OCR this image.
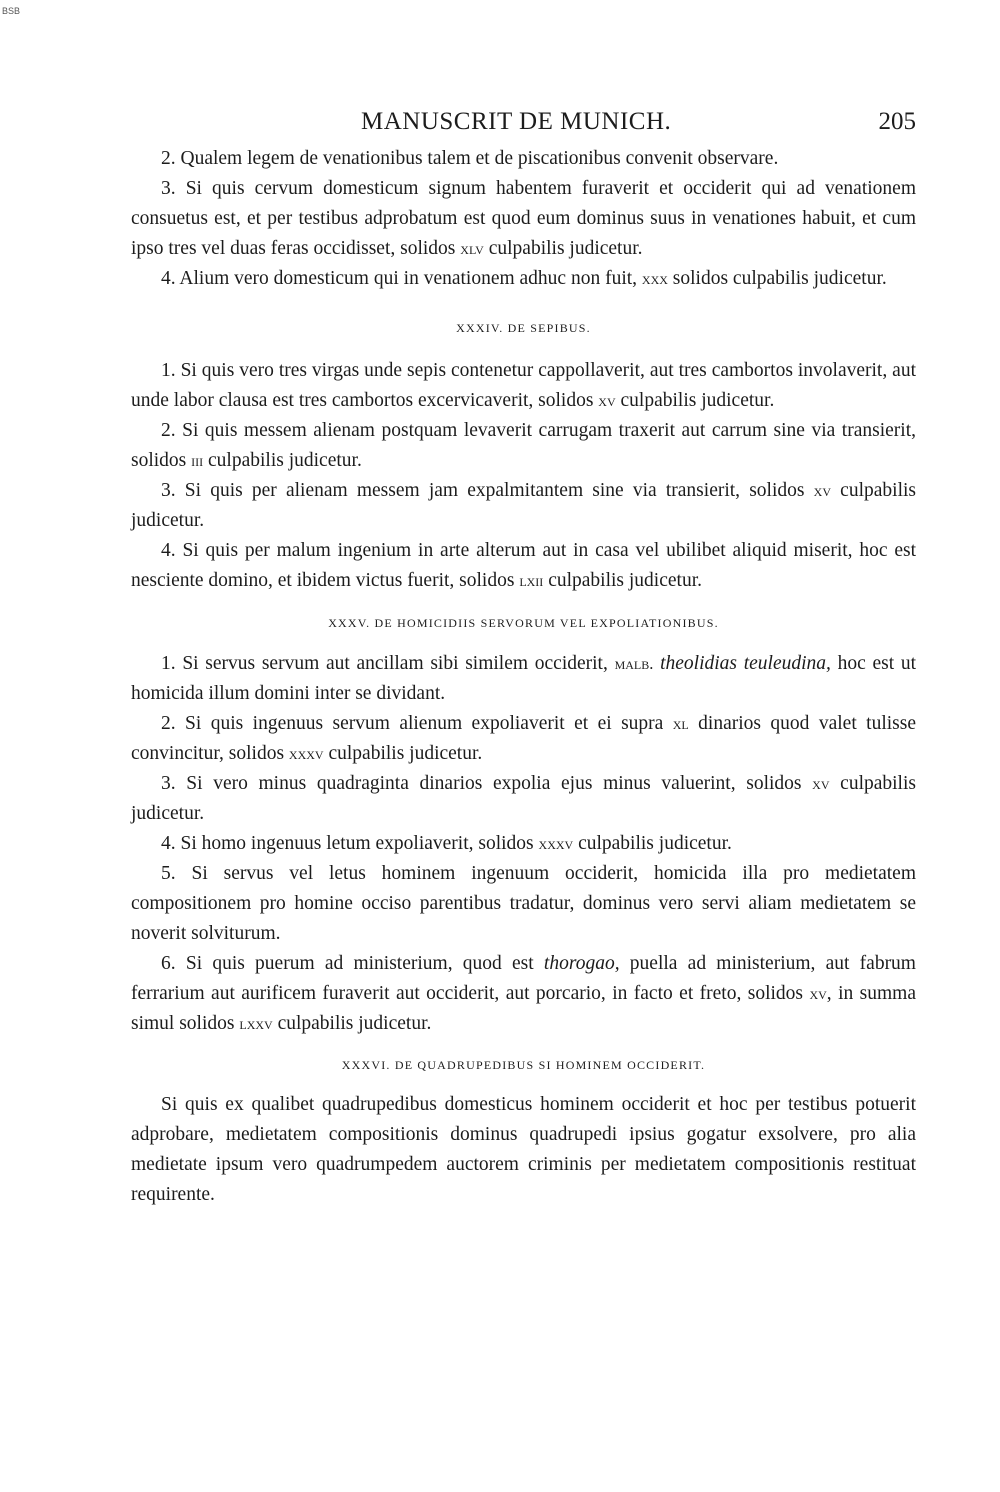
BSB
MANUSCRIT DE MUNICH.	205

2. Qualem legem de venationibus talem et de piscationibus convenit observare.

3. Si quis cervum domesticum signum habentem furaverit et occiderit qui ad venationem consuetus est, et per testibus adprobatum est quod eum dominus suus in venationes habuit, et cum ipso tres vel duas feras occidisset, solidos xlv culpabilis judicetur.

4. Alium vero domesticum qui in venationem adhuc non fuit, xxx solidos culpabilis judicetur.

XXXIV. DE SEPIBUS.

1. Si quis vero tres virgas unde sepis contenetur cappollaverit, aut tres cambortos involaverit, aut unde labor clausa est tres cambortos excervicaverit, solidos xv culpabilis judicetur.

2. Si quis messem alienam postquam levaverit carrugam traxerit aut carrum sine via transierit, solidos iii culpabilis judicetur.

3. Si quis per alienam messem jam expalmitantem sine via transierit, solidos xv culpabilis judicetur.

4. Si quis per malum ingenium in arte alterum aut in casa vel ubilibet aliquid miserit, hoc est nesciente domino, et ibidem victus fuerit, solidos lxii culpabilis judicetur.

XXXV. DE HOMICIDIIS SERVORUM VEL EXPOLIATIONIBUS.

1. Si servus servum aut ancillam sibi similem occiderit, malb. theolidias teuleudina, hoc est ut homicida illum domini inter se dividant.

2. Si quis ingenuus servum alienum expoliaverit et ei supra xl dinarios quod valet tulisse convincitur, solidos xxxv culpabilis judicetur.

3. Si vero minus quadraginta dinarios expolia ejus minus valuerint, solidos xv culpabilis judicetur.

4. Si homo ingenuus letum expoliaverit, solidos xxxv culpabilis judicetur.

5. Si servus vel letus hominem ingenuum occiderit, homicida illa pro medietatem compositionem pro homine occiso parentibus tradatur, dominus vero servi aliam medietatem se noverit solviturum.

6. Si quis puerum ad ministerium, quod est thorogao, puella ad ministerium, aut fabrum ferrarium aut aurificem furaverit aut occiderit, aut porcario, in facto et freto, solidos xv, in summa simul solidos lxxv culpabilis judicetur.

XXXVI. DE QUADRUPEDIBUS SI HOMINEM OCCIDERIT.

Si quis ex qualibet quadrupedibus domesticus hominem occiderit et hoc per testibus potuerit adprobare, medietatem compositionis dominus quadrupedi ipsius gogatur exsolvere, pro alia medietate ipsum vero quadrumpedem auctorem criminis per medietatem compositionis restituat requirente.
